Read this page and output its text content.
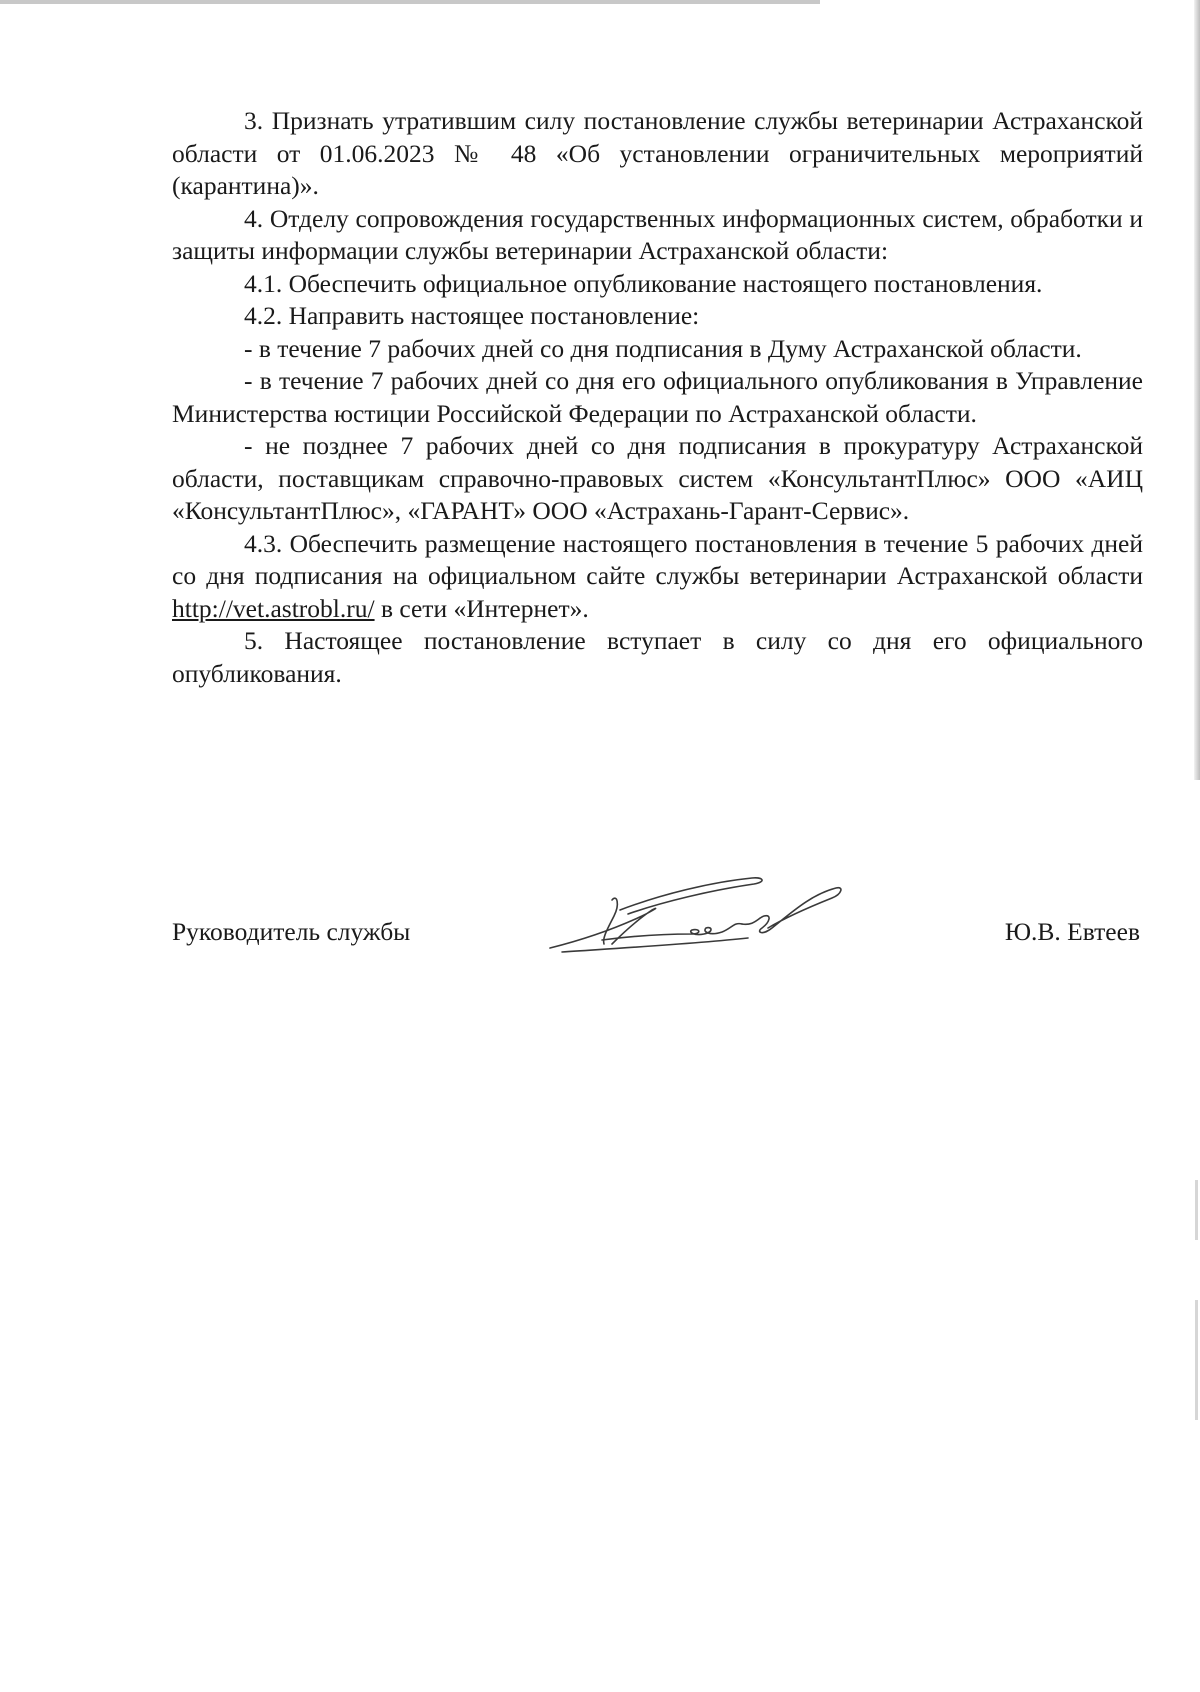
3. Признать утратившим силу постановление службы ветеринарии Астраханской области от 01.06.2023 № 48 «Об установлении ограничительных мероприятий (карантина)».

4. Отделу сопровождения государственных информационных систем, обработки и защиты информации службы ветеринарии Астраханской области:

4.1. Обеспечить официальное опубликование настоящего постановления.

4.2. Направить настоящее постановление:

- в течение 7 рабочих дней со дня подписания в Думу Астраханской области.

- в течение 7 рабочих дней со дня его официального опубликования в Управление Министерства юстиции Российской Федерации по Астраханской области.

- не позднее 7 рабочих дней со дня подписания в прокуратуру Астраханской области, поставщикам справочно-правовых систем «КонсультантПлюс» ООО «АИЦ «КонсультантПлюс», «ГАРАНТ» ООО «Астрахань-Гарант-Сервис».

4.3. Обеспечить размещение настоящего постановления в течение 5 рабочих дней со дня подписания на официальном сайте службы ветеринарии Астраханской области http://vet.astrobl.ru/ в сети «Интернет».

5. Настоящее постановление вступает в силу со дня его официального опубликования.

Руководитель службы	Ю.В. Евтеев
